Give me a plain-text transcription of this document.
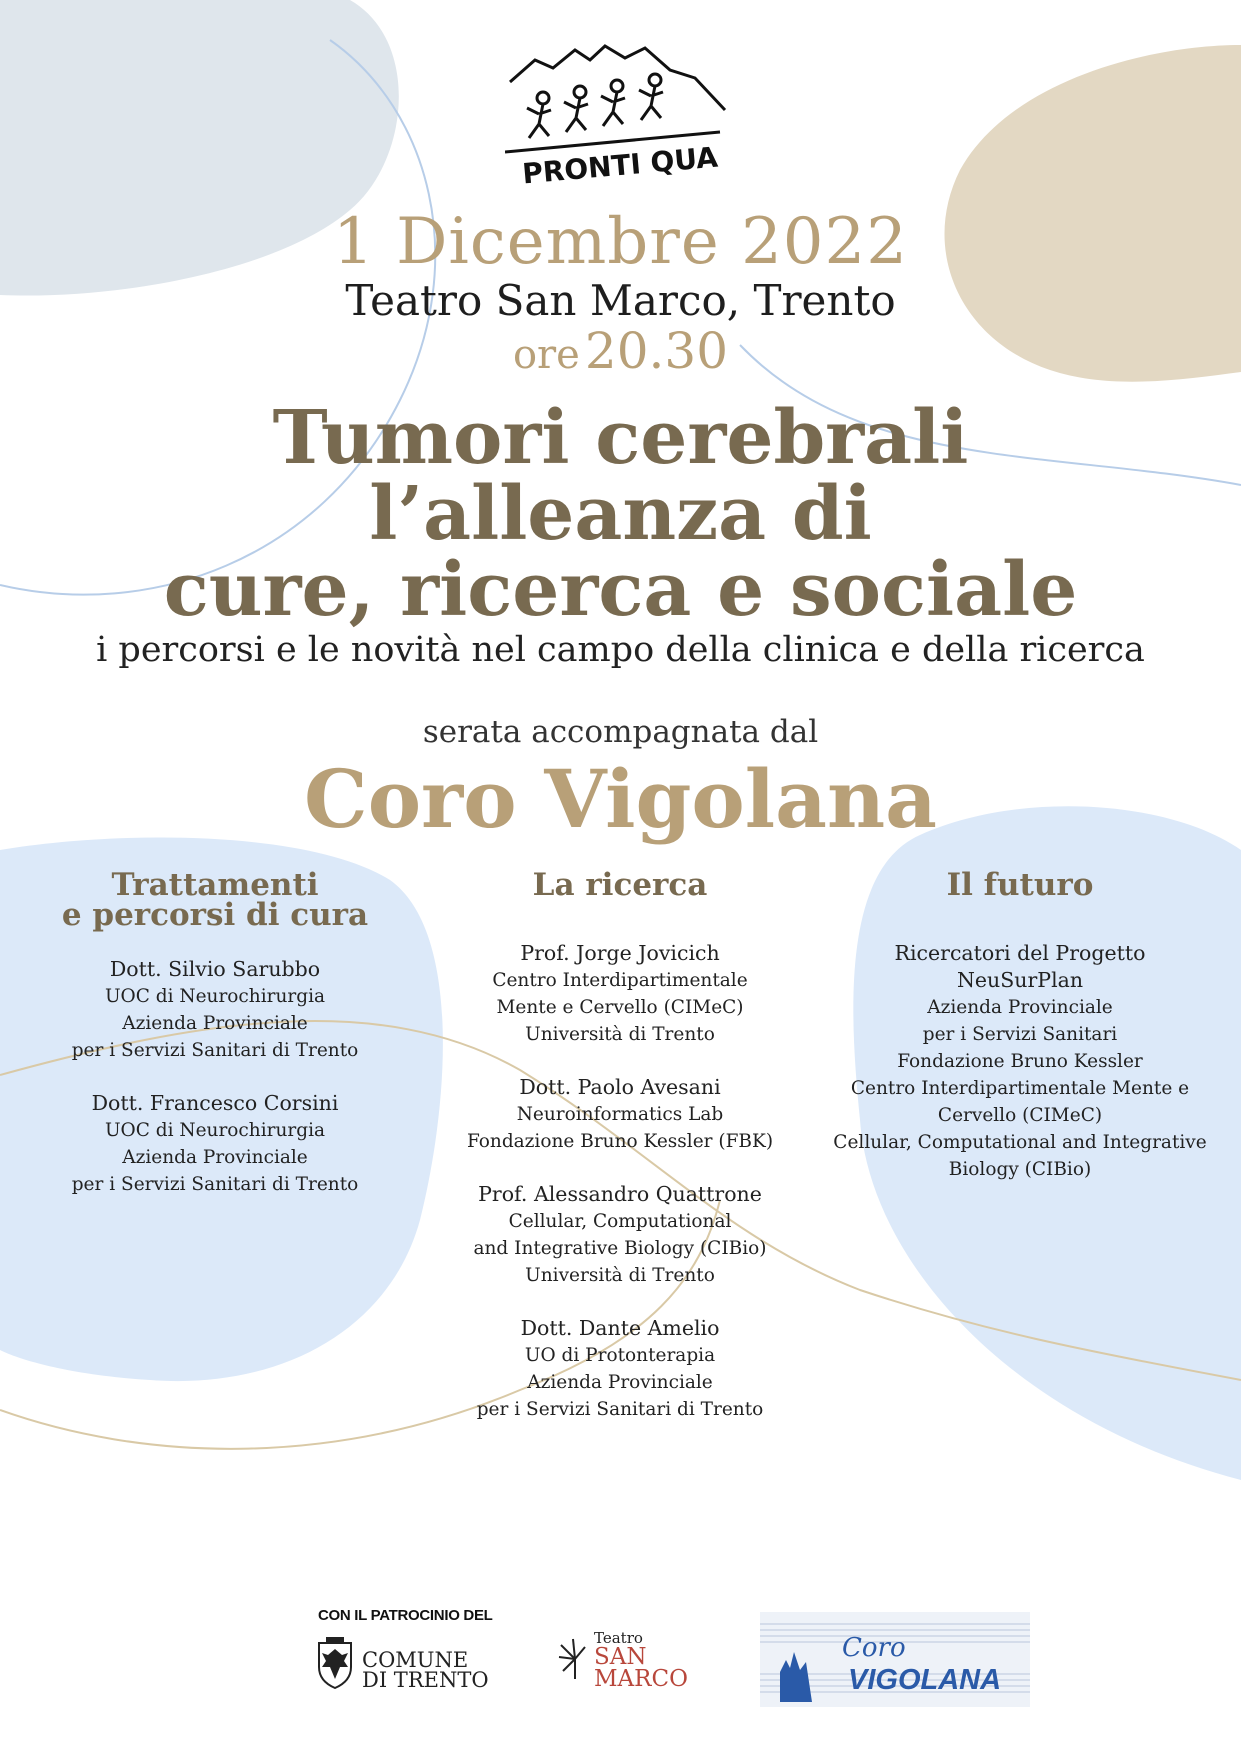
PRONTI QUA
1 Dicembre 2022
Teatro San Marco, Trento
ore 20.30
Tumori cerebrali
l’alleanza di
cure, ricerca e sociale
i percorsi e le novità nel campo della clinica e della ricerca
serata accompagnata dal
Coro Vigolana
Trattamenti
e percorsi di cura
Dott. Silvio Sarubbo
UOC di Neurochirurgia
Azienda Provinciale
per i Servizi Sanitari di Trento
Dott. Francesco Corsini
UOC di Neurochirurgia
Azienda Provinciale
per i Servizi Sanitari di Trento
La ricerca
Prof. Jorge Jovicich
Centro Interdipartimentale
Mente e Cervello (CIMeC)
Università di Trento
Dott. Paolo Avesani
Neuroinformatics Lab
Fondazione Bruno Kessler (FBK)
Prof. Alessandro Quattrone
Cellular, Computational
and Integrative Biology (CIBio)
Università di Trento
Dott. Dante Amelio
UO di Protonterapia
Azienda Provinciale
per i Servizi Sanitari di Trento
Il futuro
Ricercatori del Progetto
NeuSurPlan
Azienda Provinciale
per i Servizi Sanitari
Fondazione Bruno Kessler
Centro Interdipartimentale Mente e
Cervello (CIMeC)
Cellular, Computational and Integrative
Biology (CIBio)
CON IL PATROCINIO DEL
COMUNE
DI TRENTO
Teatro
SAN
MARCO
Coro
VIGOLANA
